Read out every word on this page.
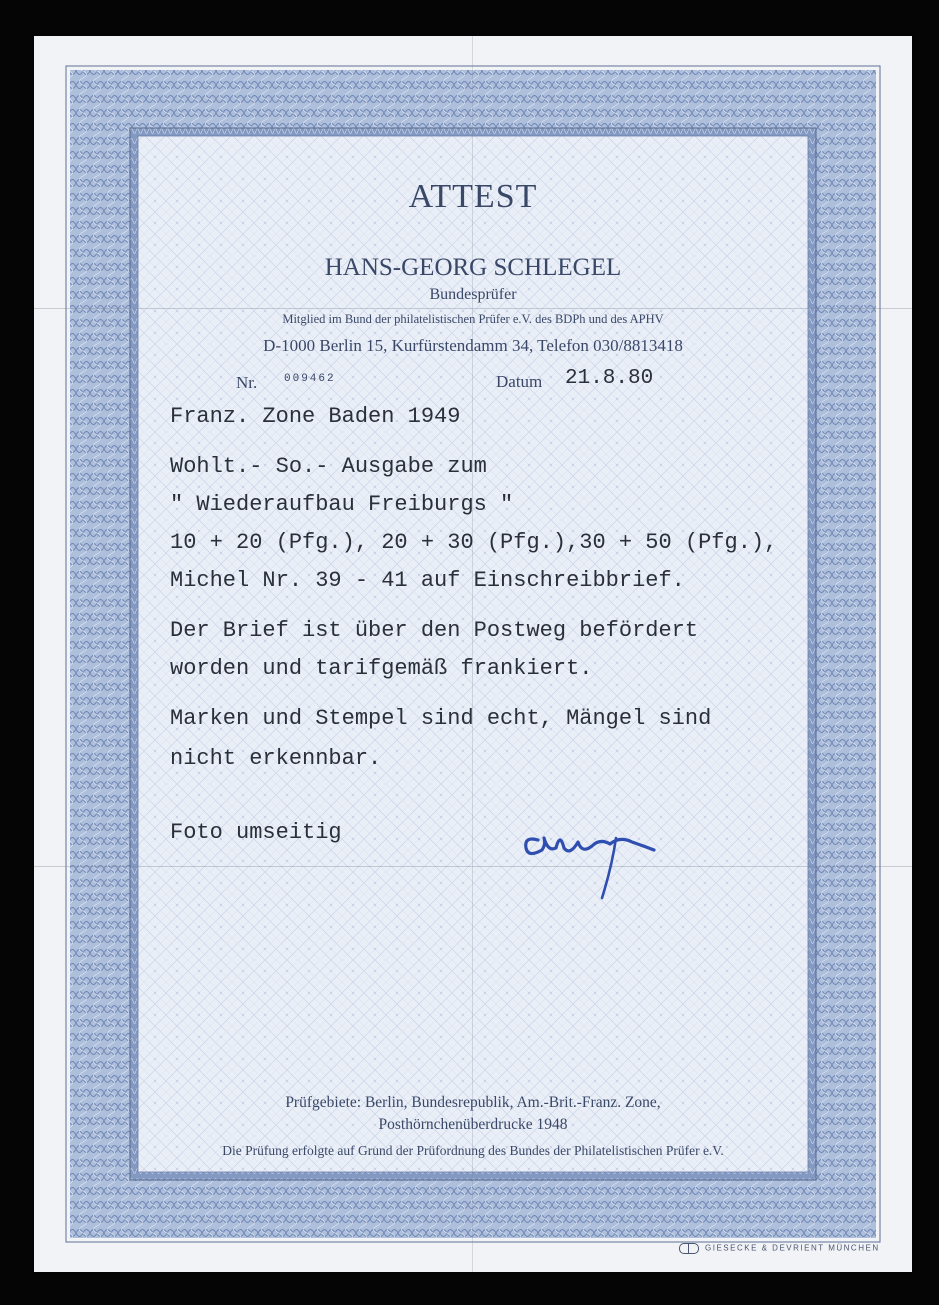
ATTEST
HANS-GEORG SCHLEGEL
Bundesprüfer
Mitglied im Bund der philatelistischen Prüfer e.V. des BDPh und des APHV
D-1000 Berlin 15, Kurfürstendamm 34, Telefon 030/8813418
Nr. 009462	Datum 21.8.80
Franz. Zone Baden 1949
Wohlt.- So.- Ausgabe zum
" Wiederaufbau Freiburgs "
10 + 20 (Pfg.), 20 + 30 (Pfg.),30 + 50 (Pfg.),
Michel Nr. 39 - 41 auf Einschreibbrief.
Der Brief ist über den Postweg befördert
worden und tarifgemäß frankiert.
Marken und Stempel sind echt, Mängel sind
nicht erkennbar.
Foto umseitig
Prüfgebiete: Berlin, Bundesrepublik, Am.-Brit.-Franz. Zone,
Posthörnchenüberdrucke 1948
Die Prüfung erfolgte auf Grund der Prüfordnung des Bundes der Philatelistischen Prüfer e.V.
GIESECKE & DEVRIENT MÜNCHEN
